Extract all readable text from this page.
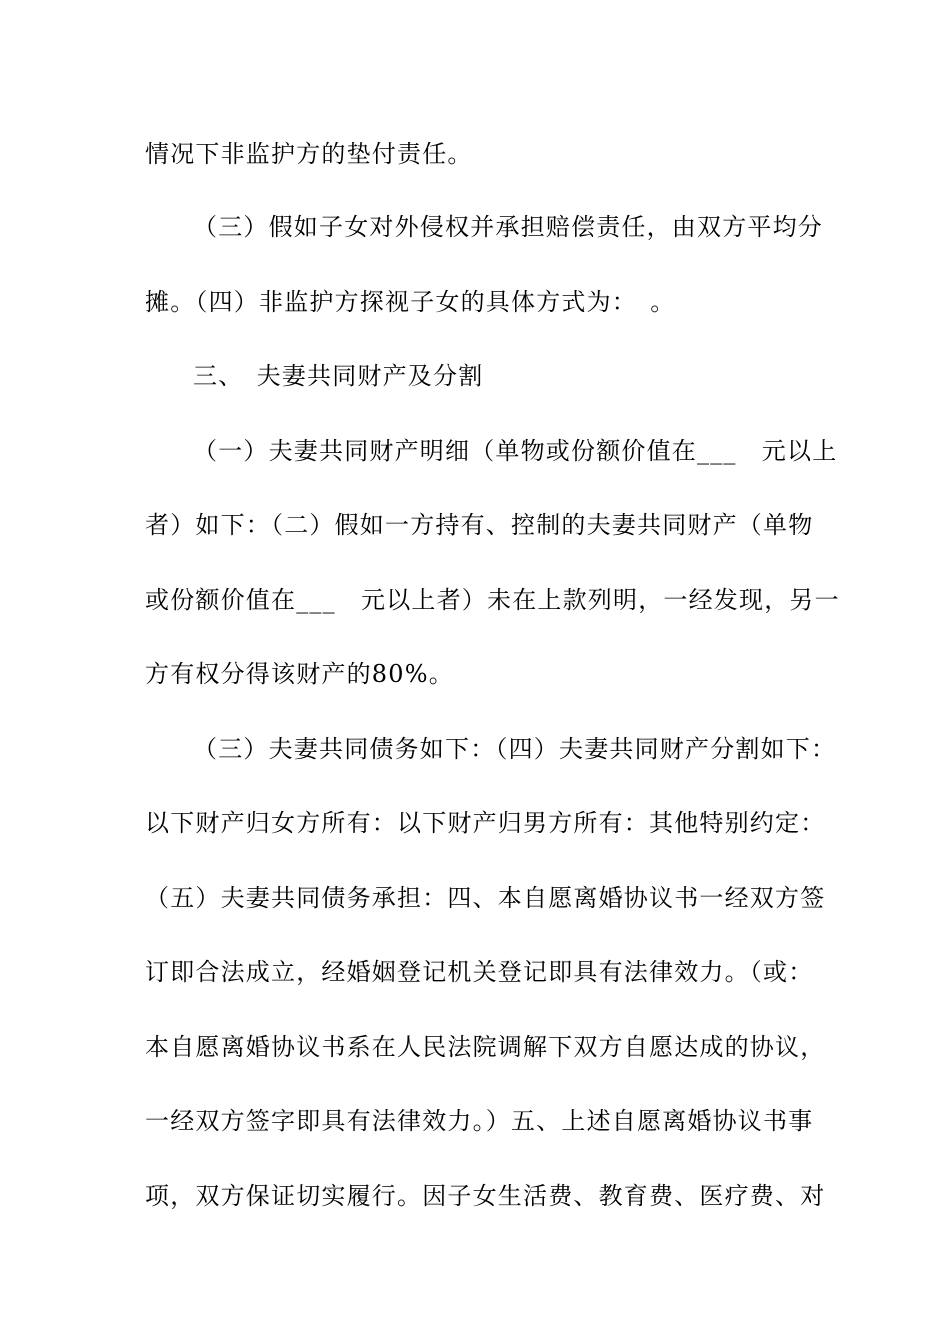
情况下非监护方的垫付责任。
（三）假如子女对外侵权并承担赔偿责任，由双方平均分
摊。（四）非监护方探视子女的具体方式为：　。
三、　夫妻共同财产及分割
（一）夫妻共同财产明细（单物或份额价值在___　元以上
者）如下：（二）假如一方持有、控制的夫妻共同财产（单物
或份额价值在___　元以上者）未在上款列明，一经发现，另一
方有权分得该财产的80%。
（三）夫妻共同债务如下：（四）夫妻共同财产分割如下：
以下财产归女方所有：以下财产归男方所有：其他特别约定：
（五）夫妻共同债务承担：四、本自愿离婚协议书一经双方签
订即合法成立，经婚姻登记机关登记即具有法律效力。（或：
本自愿离婚协议书系在人民法院调解下双方自愿达成的协议，
一经双方签字即具有法律效力。）五、上述自愿离婚协议书事
项，双方保证切实履行。因子女生活费、教育费、医疗费、对
